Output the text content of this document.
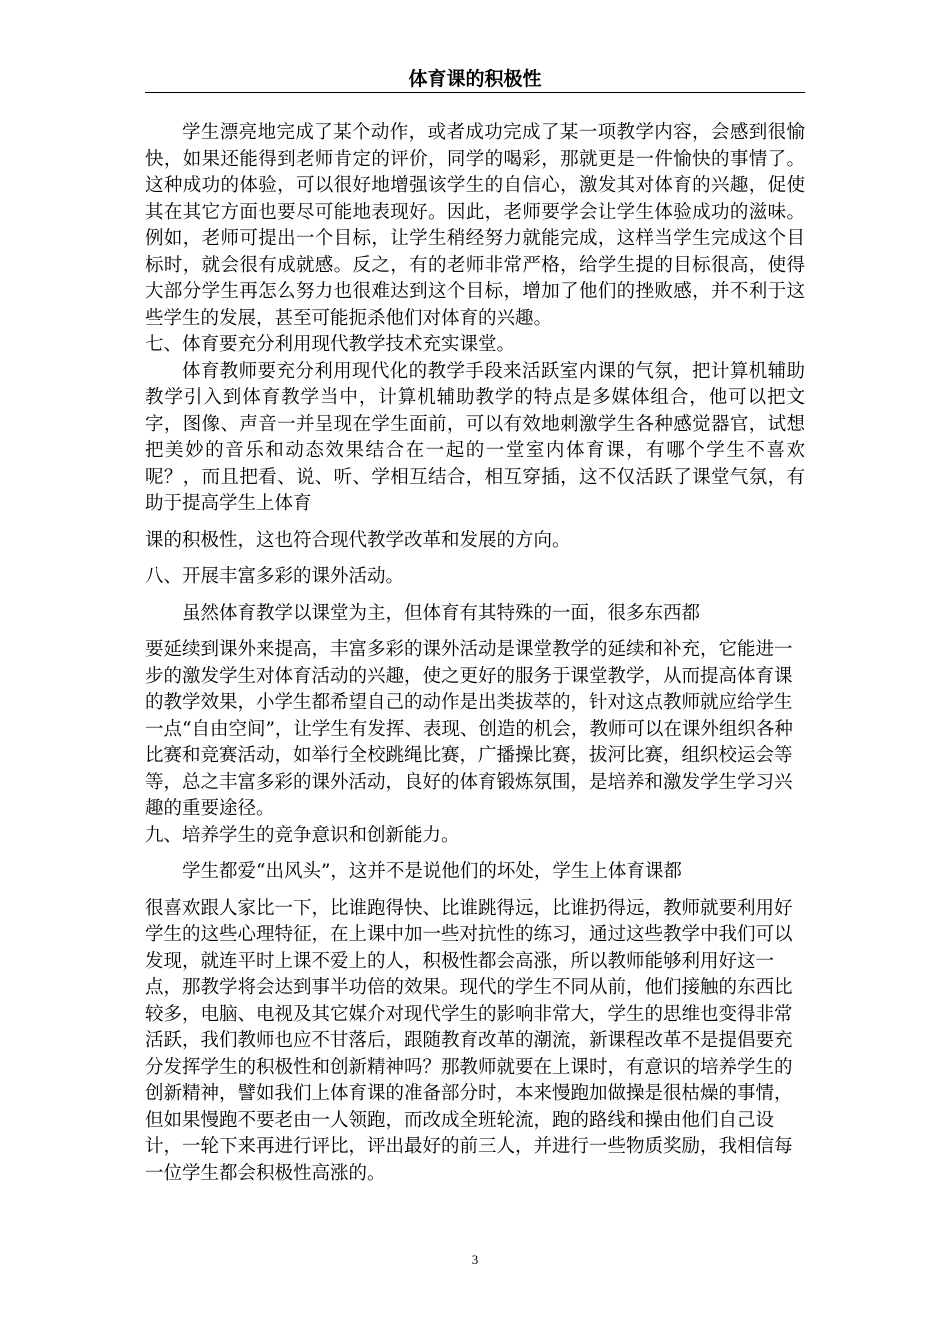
体育课的积极性

学生漂亮地完成了某个动作，或者成功完成了某一项教学内容，会感到很愉快，如果还能得到老师肯定的评价，同学的喝彩，那就更是一件愉快的事情了。这种成功的体验，可以很好地增强该学生的自信心，激发其对体育的兴趣，促使其在其它方面也要尽可能地表现好。因此，老师要学会让学生体验成功的滋味。例如，老师可提出一个目标，让学生稍经努力就能完成，这样当学生完成这个目标时，就会很有成就感。反之，有的老师非常严格，给学生提的目标很高，使得大部分学生再怎么努力也很难达到这个目标，增加了他们的挫败感，并不利于这些学生的发展，甚至可能扼杀他们对体育的兴趣。

七、体育要充分利用现代教学技术充实课堂。

体育教师要充分利用现代化的教学手段来活跃室内课的气氛，把计算机辅助教学引入到体育教学当中，计算机辅助教学的特点是多媒体组合，他可以把文字，图像、声音一并呈现在学生面前，可以有效地刺激学生各种感觉器官，试想把美妙的音乐和动态效果结合在一起的一堂室内体育课，有哪个学生不喜欢呢？，而且把看、说、听、学相互结合，相互穿插，这不仅活跃了课堂气氛，有助于提高学生上体育

课的积极性，这也符合现代教学改革和发展的方向。

八、开展丰富多彩的课外活动。

虽然体育教学以课堂为主，但体育有其特殊的一面，很多东西都

要延续到课外来提高，丰富多彩的课外活动是课堂教学的延续和补充，它能进一步的激发学生对体育活动的兴趣，使之更好的服务于课堂教学，从而提高体育课的教学效果，小学生都希望自己的动作是出类拔萃的，针对这点教师就应给学生一点“自由空间”，让学生有发挥、表现、创造的机会，教师可以在课外组织各种比赛和竞赛活动，如举行全校跳绳比赛，广播操比赛，拔河比赛，组织校运会等等，总之丰富多彩的课外活动，良好的体育锻炼氛围，是培养和激发学生学习兴趣的重要途径。

九、培养学生的竞争意识和创新能力。

学生都爱“出风头”，这并不是说他们的坏处，学生上体育课都

很喜欢跟人家比一下，比谁跑得快、比谁跳得远，比谁扔得远，教师就要利用好学生的这些心理特征，在上课中加一些对抗性的练习，通过这些教学中我们可以发现，就连平时上课不爱上的人，积极性都会高涨，所以教师能够利用好这一点，那教学将会达到事半功倍的效果。现代的学生不同从前，他们接触的东西比较多，电脑、电视及其它媒介对现代学生的影响非常大，学生的思维也变得非常活跃，我们教师也应不甘落后，跟随教育改革的潮流，新课程改革不是提倡要充分发挥学生的积极性和创新精神吗？那教师就要在上课时，有意识的培养学生的创新精神，譬如我们上体育课的准备部分时，本来慢跑加做操是很枯燥的事情，但如果慢跑不要老由一人领跑，而改成全班轮流，跑的路线和操由他们自己设计，一轮下来再进行评比，评出最好的前三人，并进行一些物质奖励，我相信每一位学生都会积极性高涨的。

3
